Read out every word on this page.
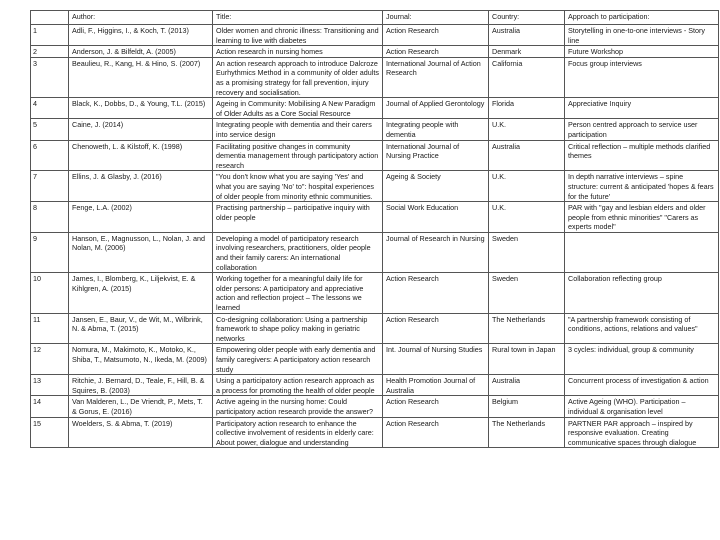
	Author:	Title:	Journal:	Country:	Approach to participation:
1	Adli, F., Higgins, I., & Koch, T. (2013)	Older women and chronic illness: Transitioning and learning to live with diabetes	Action Research	Australia	Storytelling in one-to-one interviews - Story line
2	Anderson, J. & Bilfeldt, A. (2005)	Action research in nursing homes	Action Research	Denmark	Future Workshop
3	Beaulieu, R., Kang, H. & Hino, S. (2007)	An action research approach to introduce Dalcroze Eurhythmics Method in a community of older adults as a promising strategy for fall prevention, injury recovery and socialisation.	International Journal of Action Research	California	Focus group interviews
4	Black, K., Dobbs, D., & Young, T.L. (2015)	Ageing in Community: Mobilising A New Paradigm of Older Adults as a Core Social Resource	Journal of Applied Gerontology	Florida	Appreciative Inquiry
5	Caine, J. (2014)	Integrating people with dementia and their carers into service design	Integrating people with dementia	U.K.	Person centred approach to service user participation
6	Chenoweth, L. & Kilstoff, K. (1998)	Facilitating positive changes in community dementia management through participatory action research	International Journal of Nursing Practice	Australia	Critical reflection – multiple methods clarified themes
7	Ellins, J. & Glasby, J. (2016)	"You don't know what you are saying 'Yes' and what you are saying 'No' to": hospital experiences of older people from minority ethnic communities.	Ageing & Society	U.K.	In depth narrative interviews – spine structure: current & anticipated 'hopes & fears for the future'
8	Fenge, L.A. (2002)	Practising partnership – participative inquiry with older people	Social Work Education	U.K.	PAR with "gay and lesbian elders and older people from ethnic minorities" "Carers as experts model"
9	Hanson, E., Magnusson, L., Nolan, J. and Nolan, M. (2006)	Developing a model of participatory research involving researchers, practitioners, older people and their family carers: An international collaboration	Journal of Research in Nursing	Sweden	
10	James, I., Blomberg, K., Liljekvist, E. & Kihlgren, A. (2015)	Working together for a meaningful daily life for older persons: A participatory and appreciative action and reflection project – The lessons we learned	Action Research	Sweden	Collaboration reflecting group
11	Jansen, E., Baur, V., de Wit, M., Wilbrink, N. & Abma, T. (2015)	Co-designing collaboration: Using a partnership framework to shape policy making in geriatric networks	Action Research	The Netherlands	"A partnership framework consisting of conditions, actions, relations and values"
12	Nomura, M., Makimoto, K., Motoko, K., Shiba, T., Matsumoto, N., Ikeda, M. (2009)	Empowering older people with early dementia and family caregivers: A participatory action research study	Int. Journal of Nursing Studies	Rural town in Japan	3 cycles: individual, group & community
13	Ritchie, J. Bernard, D., Teale, F., Hill, B. & Squires, B. (2003)	Using a participatory action research approach as a process for promoting the health of older people	Health Promotion Journal of Australia	Australia	Concurrent process of investigation & action
14	Van Malderen, L., De Vriendt, P., Mets, T. & Gorus, E. (2016)	Active ageing in the nursing home: Could participatory action research provide the answer?	Action Research	Belgium	Active Ageing (WHO). Participation – individual & organisation level
15	Woelders, S. & Abma, T. (2019)	Participatory action research to enhance the collective involvement of residents in elderly care: About power, dialogue and understanding	Action Research	The Netherlands	PARTNER PAR approach – inspired by responsive evaluation. Creating communicative spaces through dialogue
